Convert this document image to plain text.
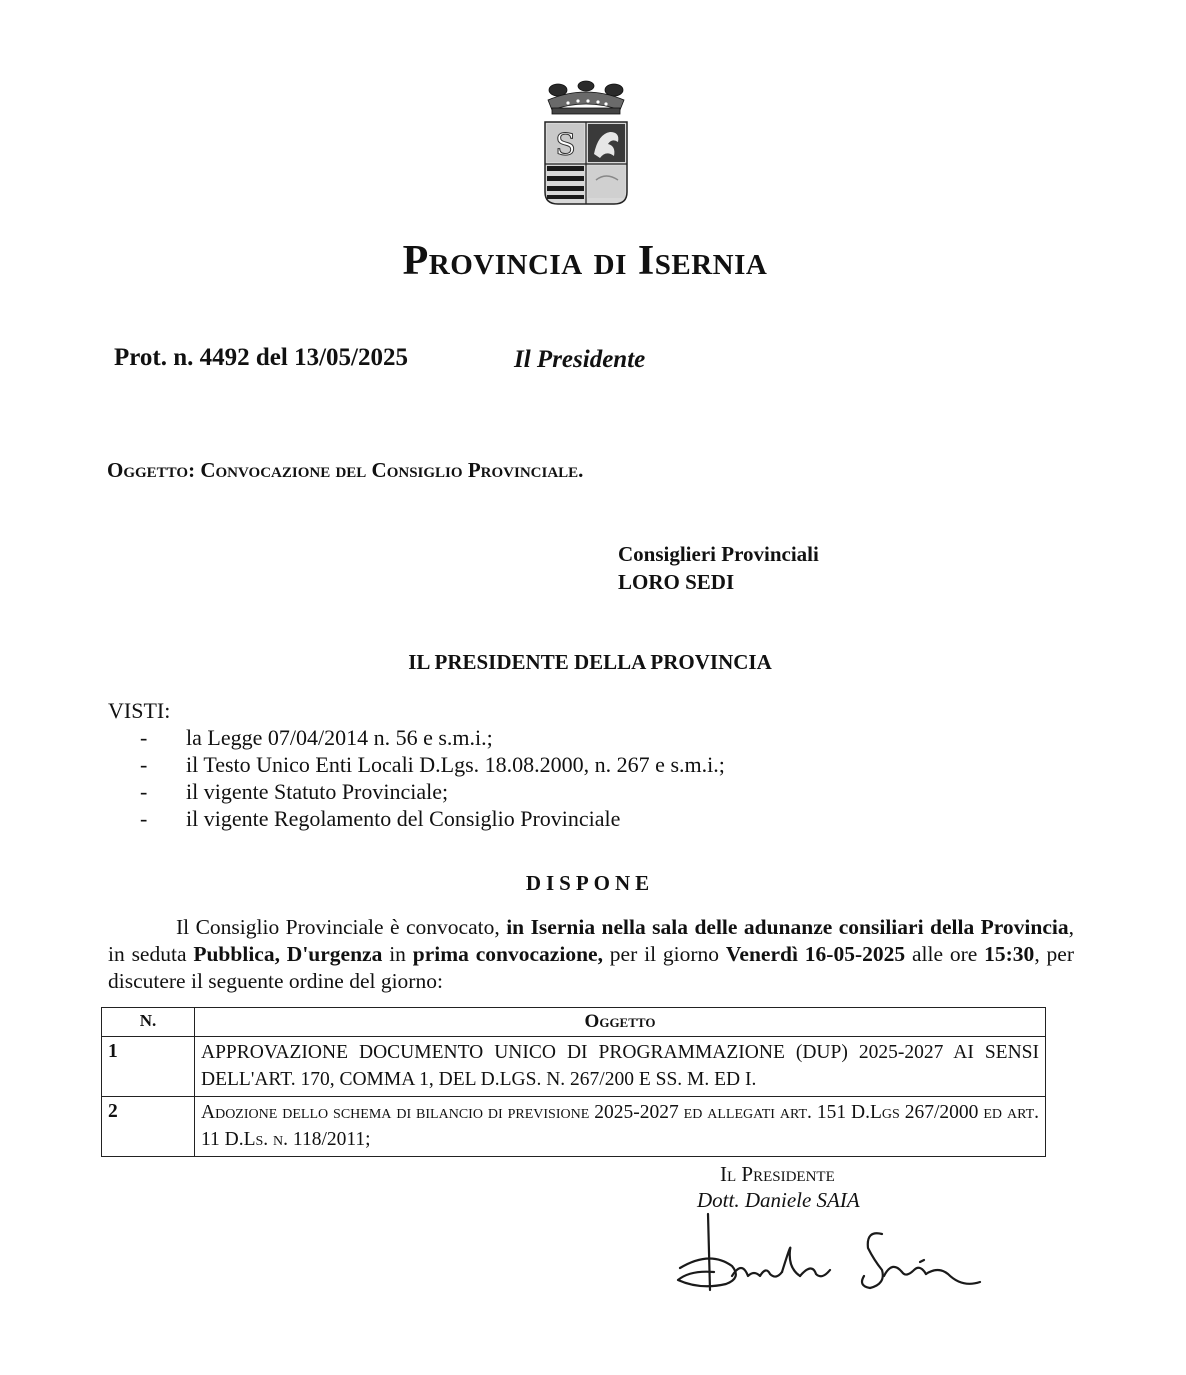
S
Provincia di Isernia
Prot. n. 4492 del 13/05/2025	Il Presidente
Oggetto: Convocazione del Consiglio Provinciale.
Consiglieri Provinciali
LORO SEDI
IL PRESIDENTE DELLA PROVINCIA
VISTI:
- la Legge 07/04/2014 n. 56 e s.m.i.;
- il Testo Unico Enti Locali D.Lgs. 18.08.2000, n. 267 e s.m.i.;
- il vigente Statuto Provinciale;
- il vigente Regolamento del Consiglio Provinciale
DISPONE
Il Consiglio Provinciale è convocato, in Isernia nella sala delle adunanze consiliari della Provincia, in seduta Pubblica, D'urgenza in prima convocazione, per il giorno Venerdì 16-05-2025 alle ore 15:30, per discutere il seguente ordine del giorno:
N.	Oggetto
1	APPROVAZIONE DOCUMENTO UNICO DI PROGRAMMAZIONE (DUP) 2025-2027 AI SENSI DELL'ART. 170, COMMA 1, DEL D.LGS. N. 267/200 E SS. M. ED I.
2	Adozione dello schema di bilancio di previsione 2025-2027 ed allegati art. 151 D.Lgs 267/2000 ed art. 11 D.Ls. n. 118/2011;
Il Presidente
Dott. Daniele SAIA
